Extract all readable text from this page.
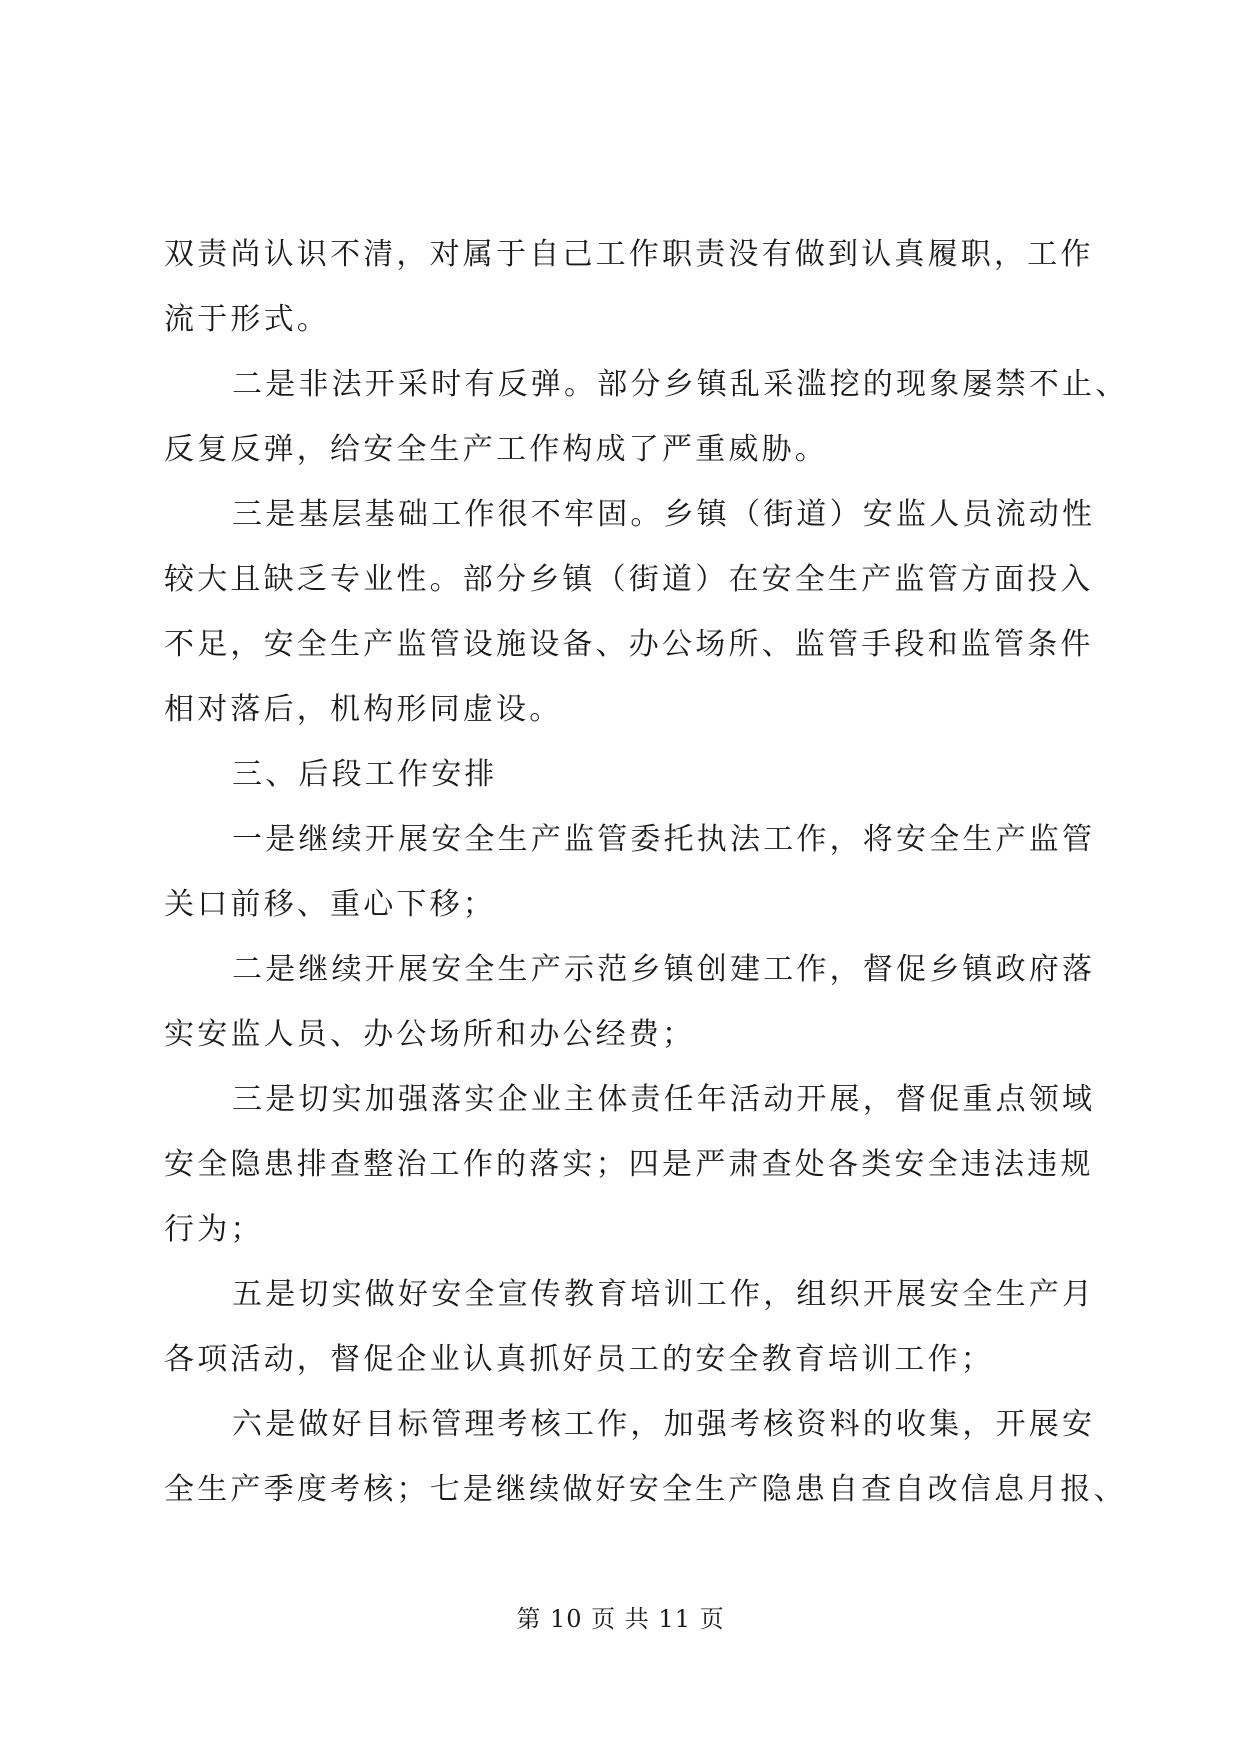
双责尚认识不清，对属于自己工作职责没有做到认真履职，工作
流于形式。
二是非法开采时有反弹。部分乡镇乱采滥挖的现象屡禁不止、
反复反弹，给安全生产工作构成了严重威胁。
三是基层基础工作很不牢固。乡镇（街道）安监人员流动性
较大且缺乏专业性。部分乡镇（街道）在安全生产监管方面投入
不足，安全生产监管设施设备、办公场所、监管手段和监管条件
相对落后，机构形同虚设。
三、后段工作安排
一是继续开展安全生产监管委托执法工作，将安全生产监管
关口前移、重心下移；
二是继续开展安全生产示范乡镇创建工作，督促乡镇政府落
实安监人员、办公场所和办公经费；
三是切实加强落实企业主体责任年活动开展，督促重点领域
安全隐患排查整治工作的落实；四是严肃查处各类安全违法违规
行为；
五是切实做好安全宣传教育培训工作，组织开展安全生产月
各项活动，督促企业认真抓好员工的安全教育培训工作；
六是做好目标管理考核工作，加强考核资料的收集，开展安
全生产季度考核；七是继续做好安全生产隐患自查自改信息月报、
第 10 页 共 11 页
